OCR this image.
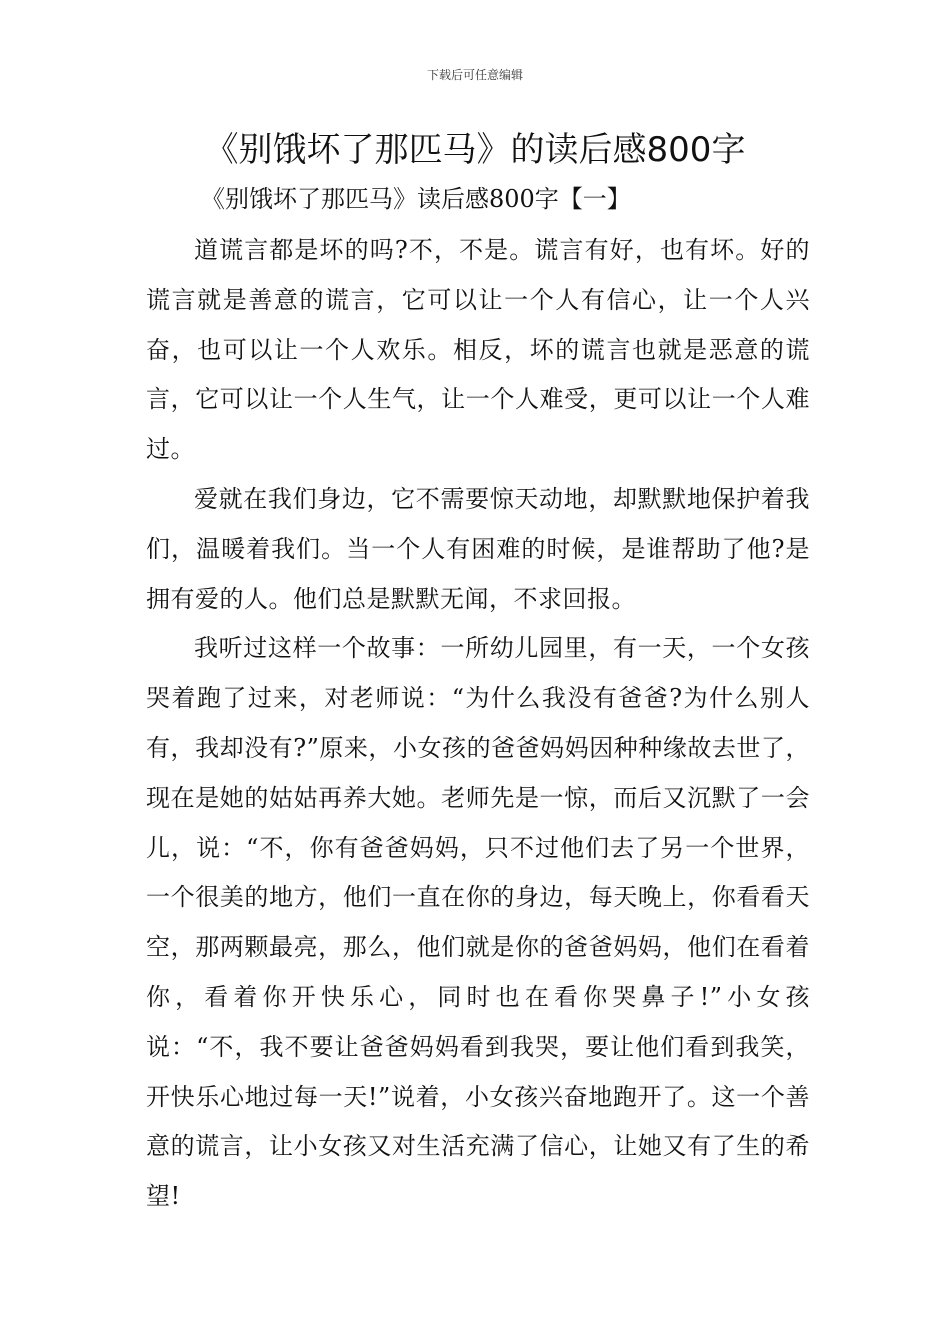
下载后可任意编辑
《别饿坏了那匹马》的读后感800字
《别饿坏了那匹马》读后感800字【一】

道谎言都是坏的吗?不，不是。谎言有好，也有坏。好的谎言就是善意的谎言，它可以让一个人有信心，让一个人兴奋，也可以让一个人欢乐。相反，坏的谎言也就是恶意的谎言，它可以让一个人生气，让一个人难受，更可以让一个人难过。

爱就在我们身边，它不需要惊天动地，却默默地保护着我们，温暖着我们。当一个人有困难的时候，是谁帮助了他?是拥有爱的人。他们总是默默无闻，不求回报。

我听过这样一个故事：一所幼儿园里，有一天，一个女孩哭着跑了过来，对老师说：“为什么我没有爸爸?为什么别人有，我却没有?”原来，小女孩的爸爸妈妈因种种缘故去世了，现在是她的姑姑再养大她。老师先是一惊，而后又沉默了一会儿，说：“不，你有爸爸妈妈，只不过他们去了另一个世界，一个很美的地方，他们一直在你的身边，每天晚上，你看看天空，那两颗最亮，那么，他们就是你的爸爸妈妈，他们在看着你，看着你开快乐心，同时也在看你哭鼻子!”小女孩说：“不，我不要让爸爸妈妈看到我哭，要让他们看到我笑，开快乐心地过每一天!”说着，小女孩兴奋地跑开了。这一个善意的谎言，让小女孩又对生活充满了信心，让她又有了生的希望!
